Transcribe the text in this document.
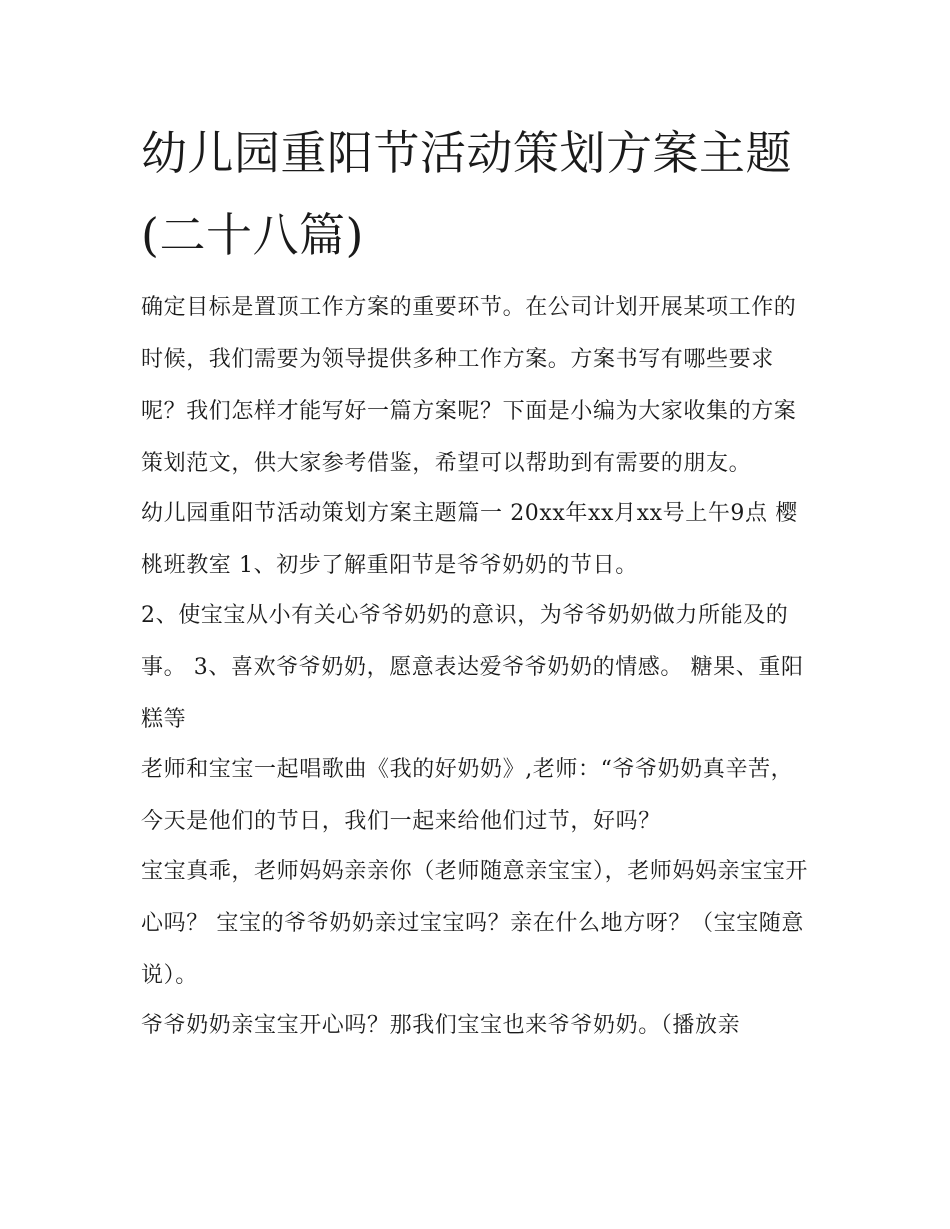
幼儿园重阳节活动策划方案主题(二十八篇)

确定目标是置顶工作方案的重要环节。在公司计划开展某项工作的时候，我们需要为领导提供多种工作方案。方案书写有哪些要求呢？我们怎样才能写好一篇方案呢？下面是小编为大家收集的方案策划范文，供大家参考借鉴，希望可以帮助到有需要的朋友。

幼儿园重阳节活动策划方案主题篇一 20xx年xx月xx号上午9点 樱桃班教室 1、初步了解重阳节是爷爷奶奶的节日。

2、使宝宝从小有关心爷爷奶奶的意识，为爷爷奶奶做力所能及的事。 3、喜欢爷爷奶奶，愿意表达爱爷爷奶奶的情感。 糖果、重阳糕等

老师和宝宝一起唱歌曲《我的好奶奶》,老师：“爷爷奶奶真辛苦，今天是他们的节日，我们一起来给他们过节，好吗？

宝宝真乖，老师妈妈亲亲你（老师随意亲宝宝），老师妈妈亲宝宝开心吗？ 宝宝的爷爷奶奶亲过宝宝吗？亲在什么地方呀？（宝宝随意说）。

爷爷奶奶亲宝宝开心吗？那我们宝宝也来爷爷奶奶。（播放亲
